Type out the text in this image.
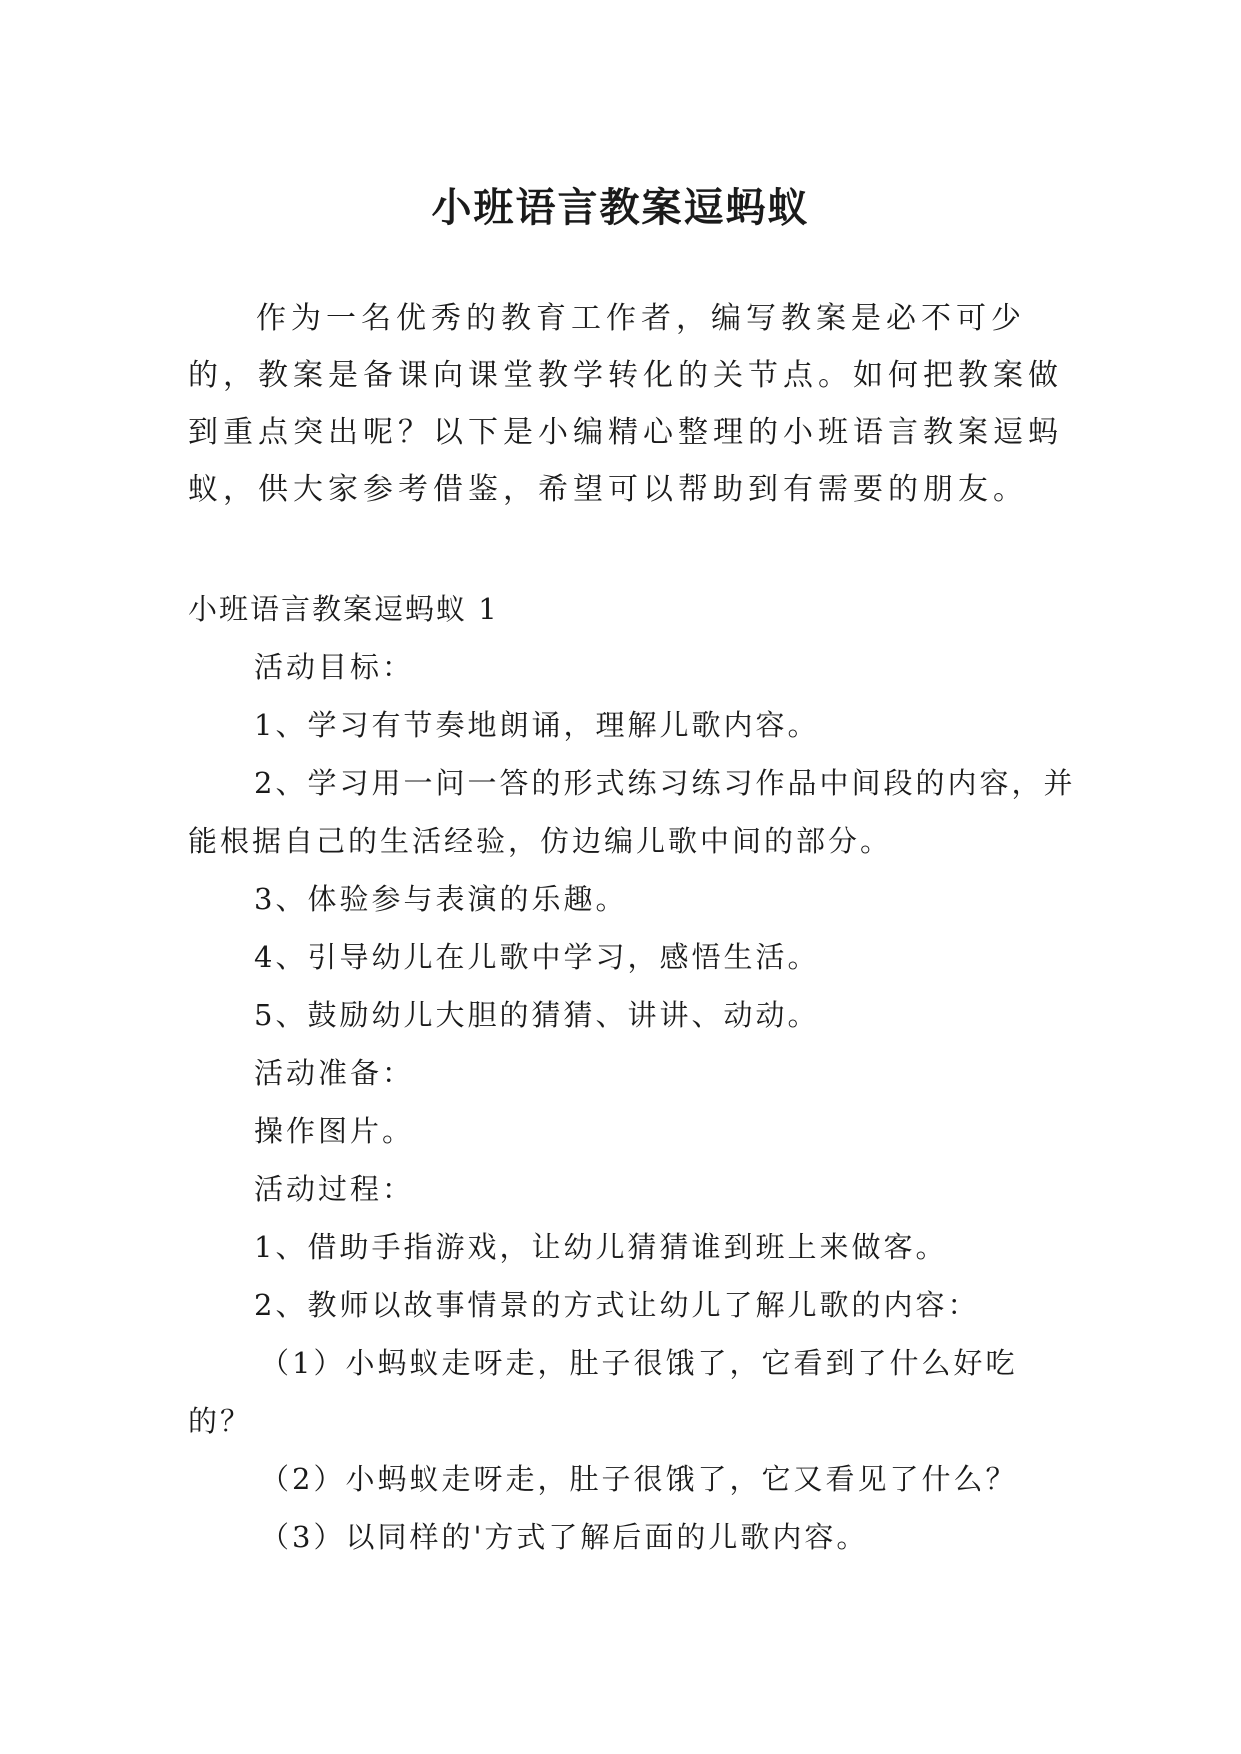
小班语言教案逗蚂蚁

作为一名优秀的教育工作者，编写教案是必不可少的，教案是备课向课堂教学转化的关节点。如何把教案做到重点突出呢？以下是小编精心整理的小班语言教案逗蚂蚁，供大家参考借鉴，希望可以帮助到有需要的朋友。

小班语言教案逗蚂蚁 1

活动目标：

1、学习有节奏地朗诵，理解儿歌内容。

2、学习用一问一答的形式练习练习作品中间段的内容，并能根据自己的生活经验，仿边编儿歌中间的部分。

3、体验参与表演的乐趣。

4、引导幼儿在儿歌中学习，感悟生活。

5、鼓励幼儿大胆的猜猜、讲讲、动动。

活动准备：

操作图片。

活动过程：

1、借助手指游戏，让幼儿猜猜谁到班上来做客。

2、教师以故事情景的方式让幼儿了解儿歌的内容：

（1）小蚂蚁走呀走，肚子很饿了，它看到了什么好吃的？

（2）小蚂蚁走呀走，肚子很饿了，它又看见了什么？

（3）以同样的'方式了解后面的儿歌内容。
